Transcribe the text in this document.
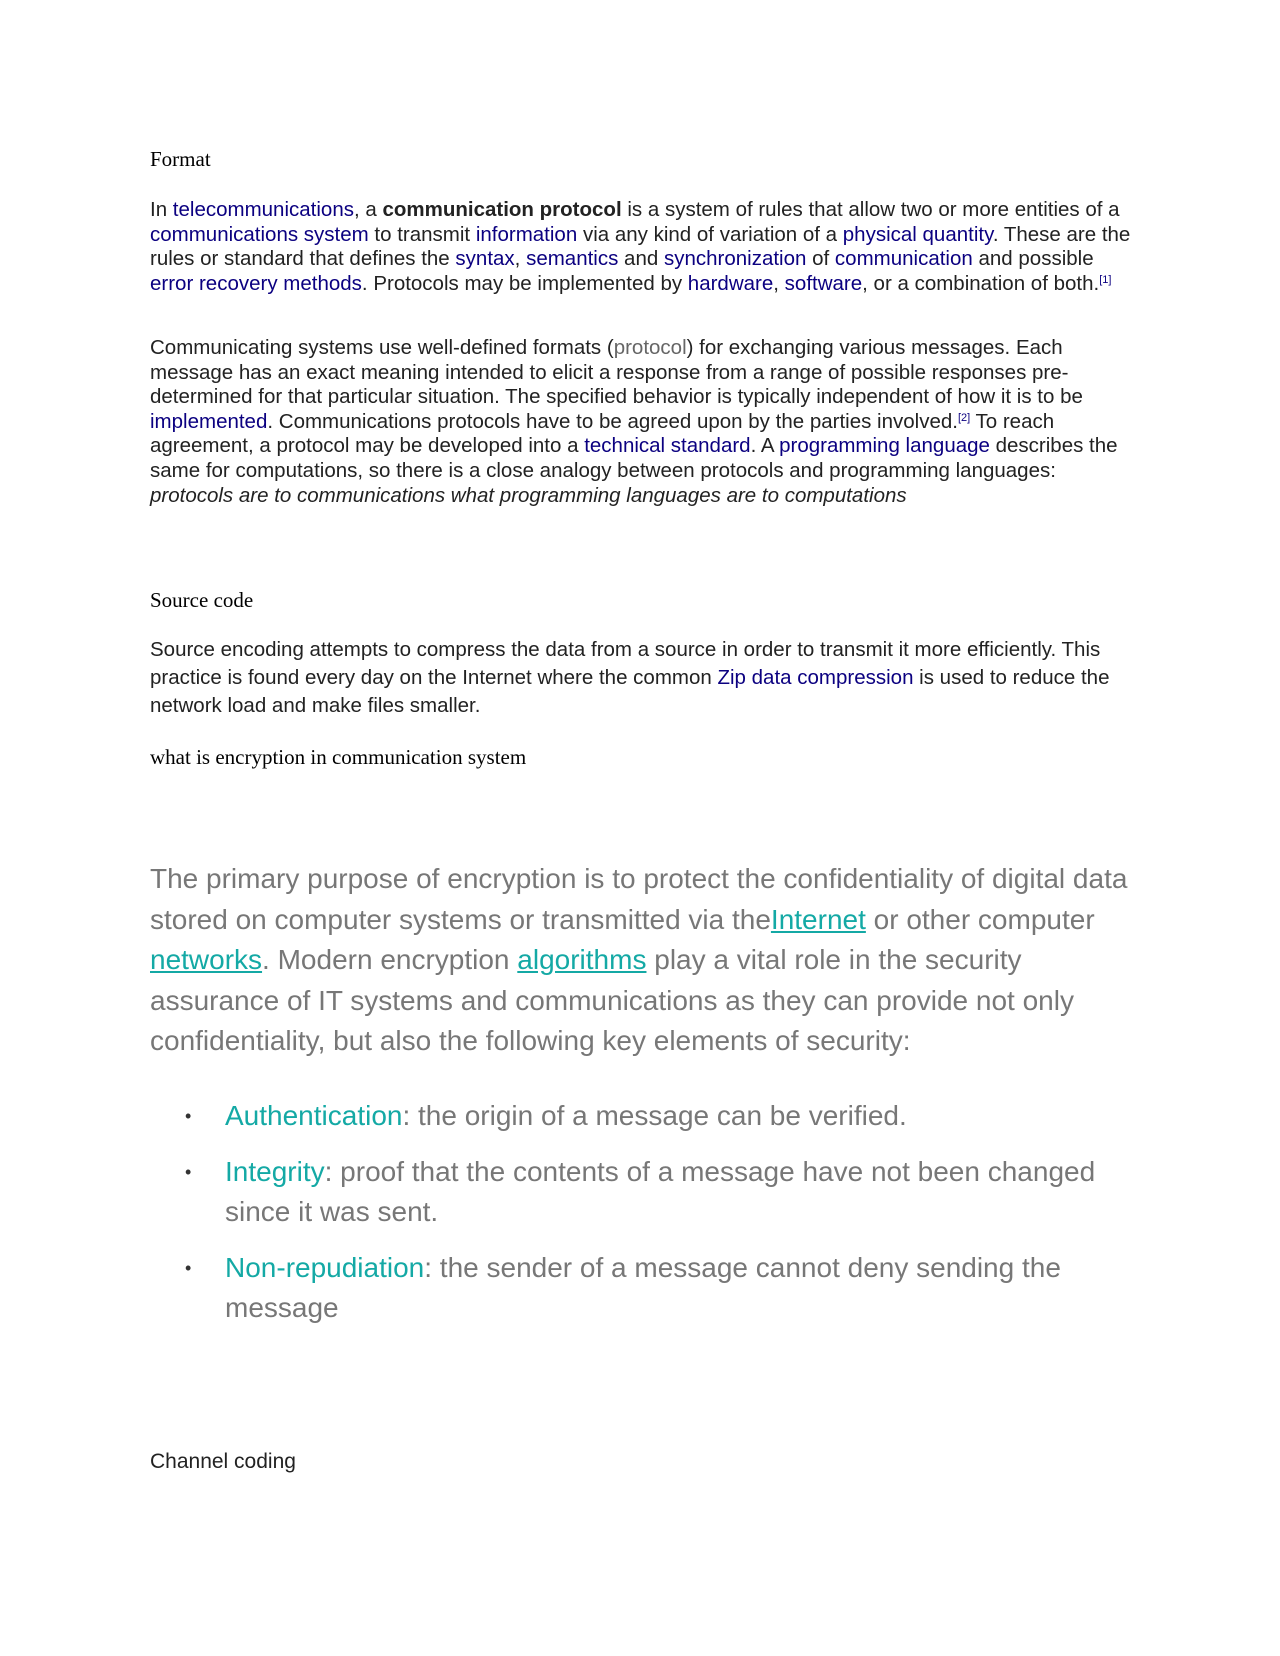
Format

In telecommunications, a communication protocol is a system of rules that allow two or more entities of a communications system to transmit information via any kind of variation of a physical quantity. These are the rules or standard that defines the syntax, semantics and synchronization of communication and possible error recovery methods. Protocols may be implemented by hardware, software, or a combination of both.[1]

Communicating systems use well-defined formats (protocol) for exchanging various messages. Each message has an exact meaning intended to elicit a response from a range of possible responses pre-determined for that particular situation. The specified behavior is typically independent of how it is to be implemented. Communications protocols have to be agreed upon by the parties involved.[2] To reach agreement, a protocol may be developed into a technical standard. A programming language describes the same for computations, so there is a close analogy between protocols and programming languages: protocols are to communications what programming languages are to computations

Source code

Source encoding attempts to compress the data from a source in order to transmit it more efficiently. This practice is found every day on the Internet where the common Zip data compression is used to reduce the network load and make files smaller.

what is encryption in communication system

The primary purpose of encryption is to protect the confidentiality of digital data stored on computer systems or transmitted via theInternet or other computer networks. Modern encryption algorithms play a vital role in the security assurance of IT systems and communications as they can provide not only confidentiality, but also the following key elements of security:

• Authentication: the origin of a message can be verified.
• Integrity: proof that the contents of a message have not been changed since it was sent.
• Non-repudiation: the sender of a message cannot deny sending the message
Channel coding
